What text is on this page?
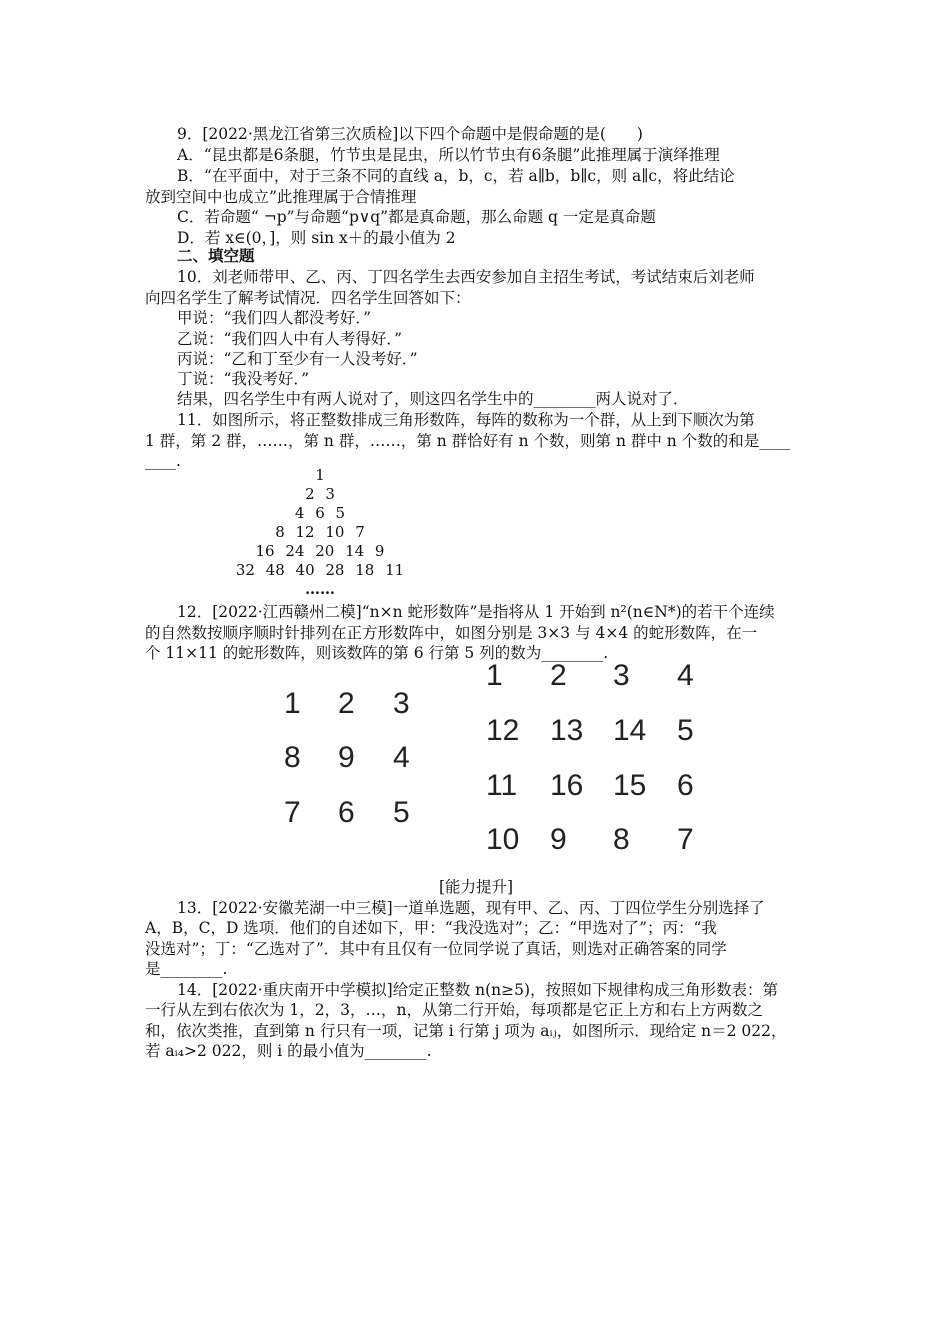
9．[2022·黑龙江省第三次质检]以下四个命题中是假命题的是(　　)
A．“昆虫都是6条腿，竹节虫是昆虫，所以竹节虫有6条腿”此推理属于演绎推理
B．“在平面中，对于三条不同的直线 a，b，c，若 a∥b，b∥c，则 a∥c，将此结论
放到空间中也成立”此推理属于合情推理
C．若命题“ ¬p”与命题“p∨q”都是真命题，那么命题 q 一定是真命题
D．若 x∈(0，]，则 sin x＋的最小值为 2
二、填空题
10．刘老师带甲、乙、丙、丁四名学生去西安参加自主招生考试，考试结束后刘老师
向四名学生了解考试情况．四名学生回答如下：
甲说：“我们四人都没考好．”
乙说：“我们四人中有人考得好．”
丙说：“乙和丁至少有一人没考好．”
丁说：“我没考好．”
结果，四名学生中有两人说对了，则这四名学生中的________两人说对了．
11．如图所示，将正整数排成三角形数阵，每阵的数称为一个群，从上到下顺次为第
1 群，第 2 群，……，第 n 群，……，第 n 群恰好有 n 个数，则第 n 群中 n 个数的和是____
____.
1
2 3
4 6 5
8 12 10 7
16 24 20 14 9
32 48 40 28 18 11
……
12．[2022·江西赣州二模]“n×n 蛇形数阵”是指将从 1 开始到 n²(n∈N*)的若干个连续
的自然数按顺序顺时针排列在正方形数阵中，如图分别是 3×3 与 4×4 的蛇形数阵，在一
个 11×11 的蛇形数阵，则该数阵的第 6 行第 5 列的数为________.
1 2 3
8 9 4
7 6 5
1 2 3 4
12 13 14 5
11 16 15 6
10 9 8 7
[能力提升]
13．[2022·安徽芜湖一中三模]一道单选题，现有甲、乙、丙、丁四位学生分别选择了
A，B，C，D 选项．他们的自述如下，甲：“我没选对”；乙：“甲选对了”；丙：“我
没选对”；丁：“乙选对了”．其中有且仅有一位同学说了真话，则选对正确答案的同学
是________.
14．[2022·重庆南开中学模拟]给定正整数 n(n≥5)，按照如下规律构成三角形数表：第
一行从左到右依次为 1，2，3，…，n，从第二行开始，每项都是它正上方和右上方两数之
和，依次类推，直到第 n 行只有一项，记第 i 行第 j 项为 aᵢⱼ，如图所示．现给定 n＝2 022，
若 aᵢ₄>2 022，则 i 的最小值为________.
